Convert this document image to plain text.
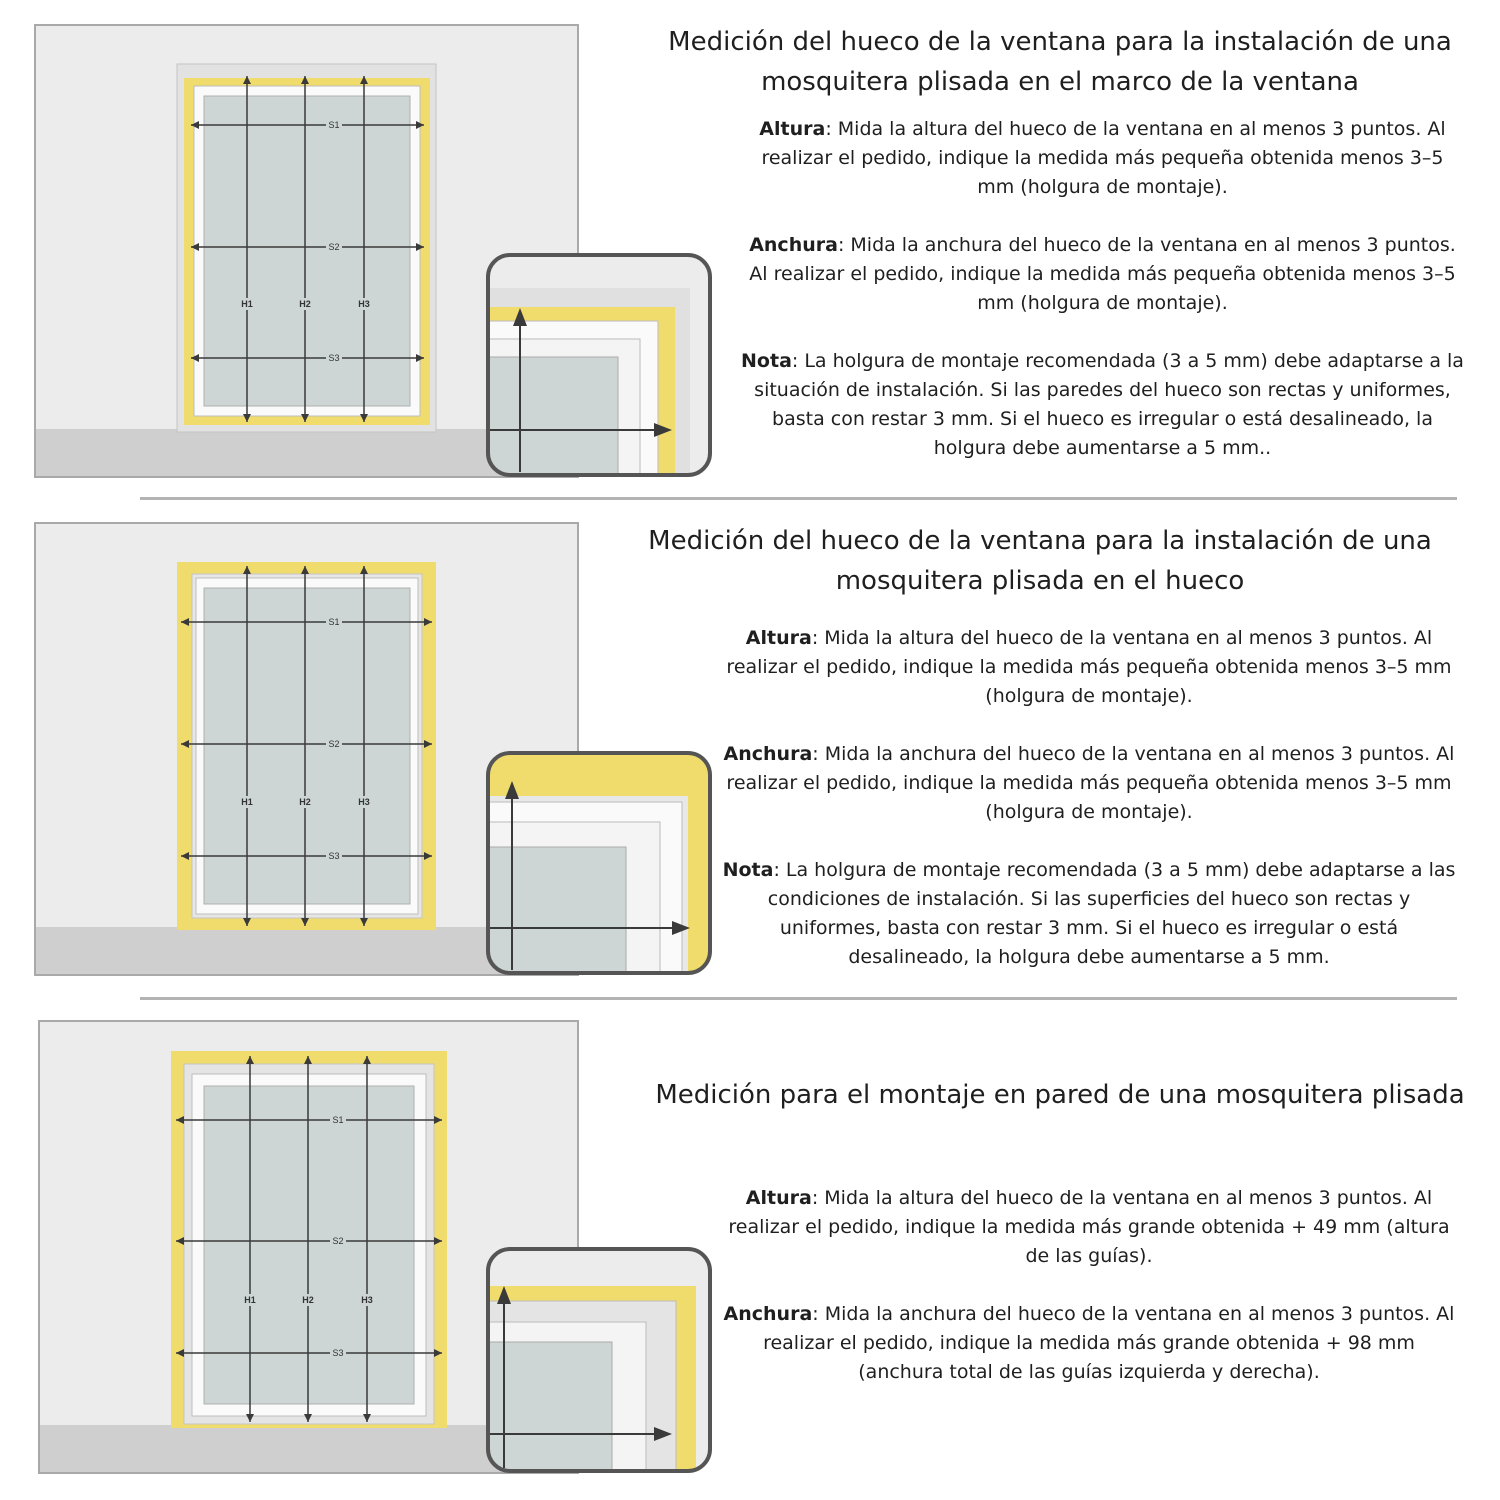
S1
S2
S3
H1	H2	H3
Medición del hueco de la ventana para la instalación de una mosquitera plisada en el marco de la ventana

Altura: Mida la altura del hueco de la ventana en al menos 3 puntos. Al realizar el pedido, indique la medida más pequeña obtenida menos 3–5 mm (holgura de montaje).

Anchura: Mida la anchura del hueco de la ventana en al menos 3 puntos. Al realizar el pedido, indique la medida más pequeña obtenida menos 3–5 mm (holgura de montaje).

Nota: La holgura de montaje recomendada (3 a 5 mm) debe adaptarse a la situación de instalación. Si las paredes del hueco son rectas y uniformes, basta con restar 3 mm. Si el hueco es irregular o está desalineado, la holgura debe aumentarse a 5 mm..

S1
S2
S3
H1	H2	H3
Medición del hueco de la ventana para la instalación de una mosquitera plisada en el hueco

Altura: Mida la altura del hueco de la ventana en al menos 3 puntos. Al realizar el pedido, indique la medida más pequeña obtenida menos 3–5 mm (holgura de montaje).

Anchura: Mida la anchura del hueco de la ventana en al menos 3 puntos. Al realizar el pedido, indique la medida más pequeña obtenida menos 3–5 mm (holgura de montaje).

Nota: La holgura de montaje recomendada (3 a 5 mm) debe adaptarse a las condiciones de instalación. Si las superficies del hueco son rectas y uniformes, basta con restar 3 mm. Si el hueco es irregular o está desalineado, la holgura debe aumentarse a 5 mm.

S1
S2
S3
H1	H2	H3
Medición para el montaje en pared de una mosquitera plisada

Altura: Mida la altura del hueco de la ventana en al menos 3 puntos. Al realizar el pedido, indique la medida más grande obtenida + 49 mm (altura de las guías).

Anchura: Mida la anchura del hueco de la ventana en al menos 3 puntos. Al realizar el pedido, indique la medida más grande obtenida + 98 mm (anchura total de las guías izquierda y derecha).
